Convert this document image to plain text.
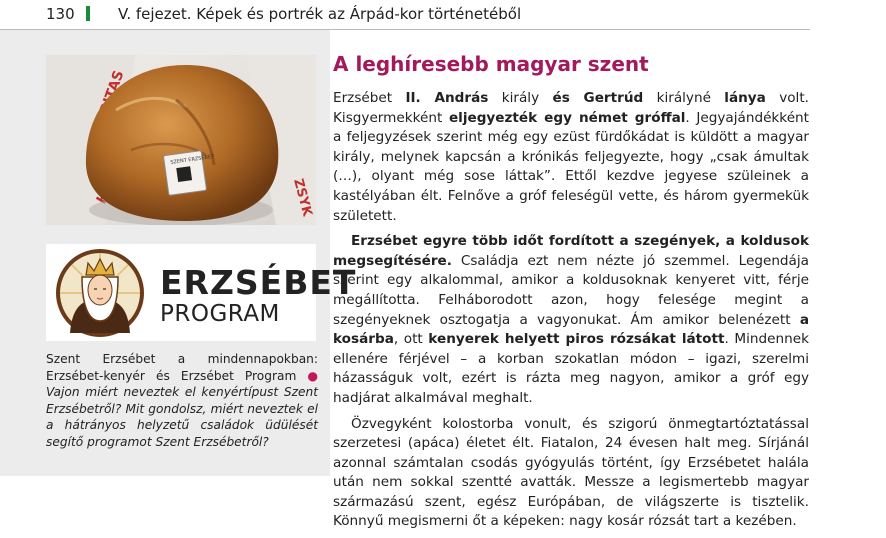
130	V. fejezet. Képek és portrék az Árpád-kor történetéből
ZSYK
SZENT ERZSÉBET
ERZSÉBET
PROGRAM
Szent Erzsébet a mindennapokban: Erzsébet-kenyér és Erzsébet Program ● Vajon miért neveztek el kenyértípust Szent Erzsébetről? Mit gondolsz, miért neveztek el a hátrányos helyzetű családok üdülését segítő programot Szent Erzsébetről?
A leghíresebb magyar szent

Erzsébet II. András király és Gertrúd királyné lánya volt. Kisgyermekként eljegyezték egy német gróffal. Jegyajándékként a feljegyzések szerint még egy ezüst fürdőkádat is küldött a magyar király, melynek kapcsán a krónikás feljegyezte, hogy „csak ámultak (…), olyant még sose láttak”. Ettől kezdve jegyese szüleinek a kastélyában élt. Felnőve a gróf feleségül vette, és három gyermekük született.

Erzsébet egyre több időt fordított a szegények, a koldusok megsegítésére. Családja ezt nem nézte jó szemmel. Legendája szerint egy alkalommal, amikor a koldusoknak kenyeret vitt, férje megállította. Felháborodott azon, hogy felesége megint a szegényeknek osztogatja a vagyonukat. Ám amikor belenézett a kosárba, ott kenyerek helyett piros rózsákat látott. Mindennek ellenére férjével – a korban szokatlan módon – igazi, szerelmi házasságuk volt, ezért is rázta meg nagyon, amikor a gróf egy hadjárat alkalmával meghalt.

Özvegyként kolostorba vonult, és szigorú önmegtartóztatással szerzetesi (apáca) életet élt. Fiatalon, 24 évesen halt meg. Sírjánál azonnal számtalan csodás gyógyulás történt, így Erzsébetet halála után nem sokkal szentté avatták. Messze a legismertebb magyar származású szent, egész Európában, de világszerte is tisztelik. Könnyű megismerni őt a képeken: nagy kosár rózsát tart a kezében.
